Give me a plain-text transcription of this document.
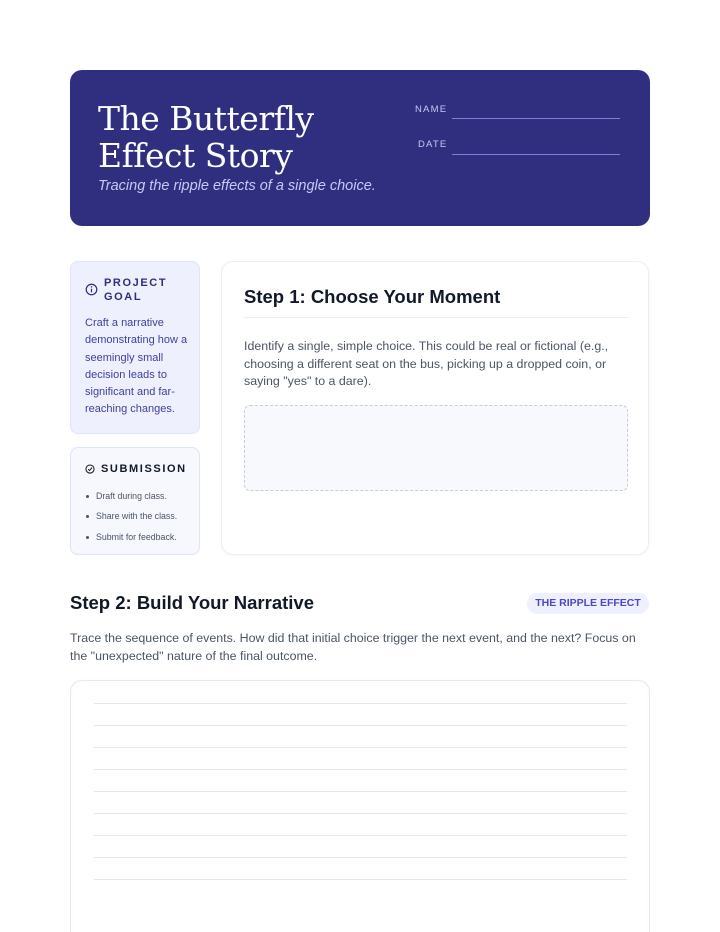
The Butterfly Effect Story

Tracing the ripple effects of a single choice.

NAME
DATE
PROJECT GOAL

Craft a narrative demonstrating how a seemingly small decision leads to significant and far-reaching changes.

SUBMISSION
Draft during class.
Share with the class.
Submit for feedback.
Step 1: Choose Your Moment

Identify a single, simple choice. This could be real or fictional (e.g., choosing a different seat on the bus, picking up a dropped coin, or saying "yes" to a dare).

Step 2: Build Your Narrative	THE RIPPLE EFFECT

Trace the sequence of events. How did that initial choice trigger the next event, and the next? Focus on the "unexpected" nature of the final outcome.
